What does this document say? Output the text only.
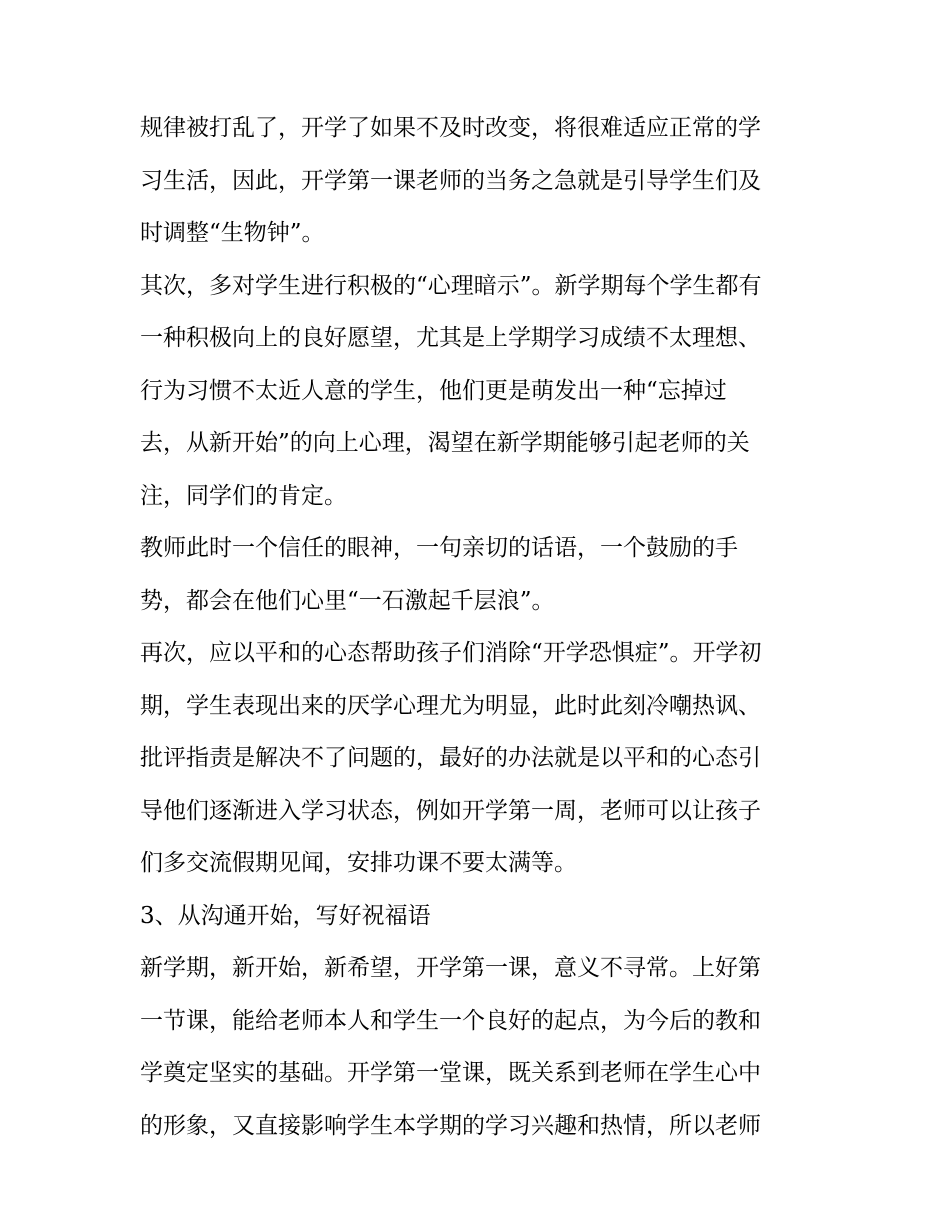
规律被打乱了，开学了如果不及时改变，将很难适应正常的学
习生活，因此，开学第一课老师的当务之急就是引导学生们及
时调整“生物钟”。
其次，多对学生进行积极的“心理暗示”。新学期每个学生都有
一种积极向上的良好愿望，尤其是上学期学习成绩不太理想、
行为习惯不太近人意的学生，他们更是萌发出一种“忘掉过
去，从新开始”的向上心理，渴望在新学期能够引起老师的关
注，同学们的肯定。
教师此时一个信任的眼神，一句亲切的话语，一个鼓励的手
势，都会在他们心里“一石激起千层浪”。
再次，应以平和的心态帮助孩子们消除“开学恐惧症”。开学初
期，学生表现出来的厌学心理尤为明显，此时此刻冷嘲热讽、
批评指责是解决不了问题的，最好的办法就是以平和的心态引
导他们逐渐进入学习状态，例如开学第一周，老师可以让孩子
们多交流假期见闻，安排功课不要太满等。
3、从沟通开始，写好祝福语
新学期，新开始，新希望，开学第一课，意义不寻常。上好第
一节课，能给老师本人和学生一个良好的起点，为今后的教和
学奠定坚实的基础。开学第一堂课，既关系到老师在学生心中
的形象，又直接影响学生本学期的学习兴趣和热情，所以老师
